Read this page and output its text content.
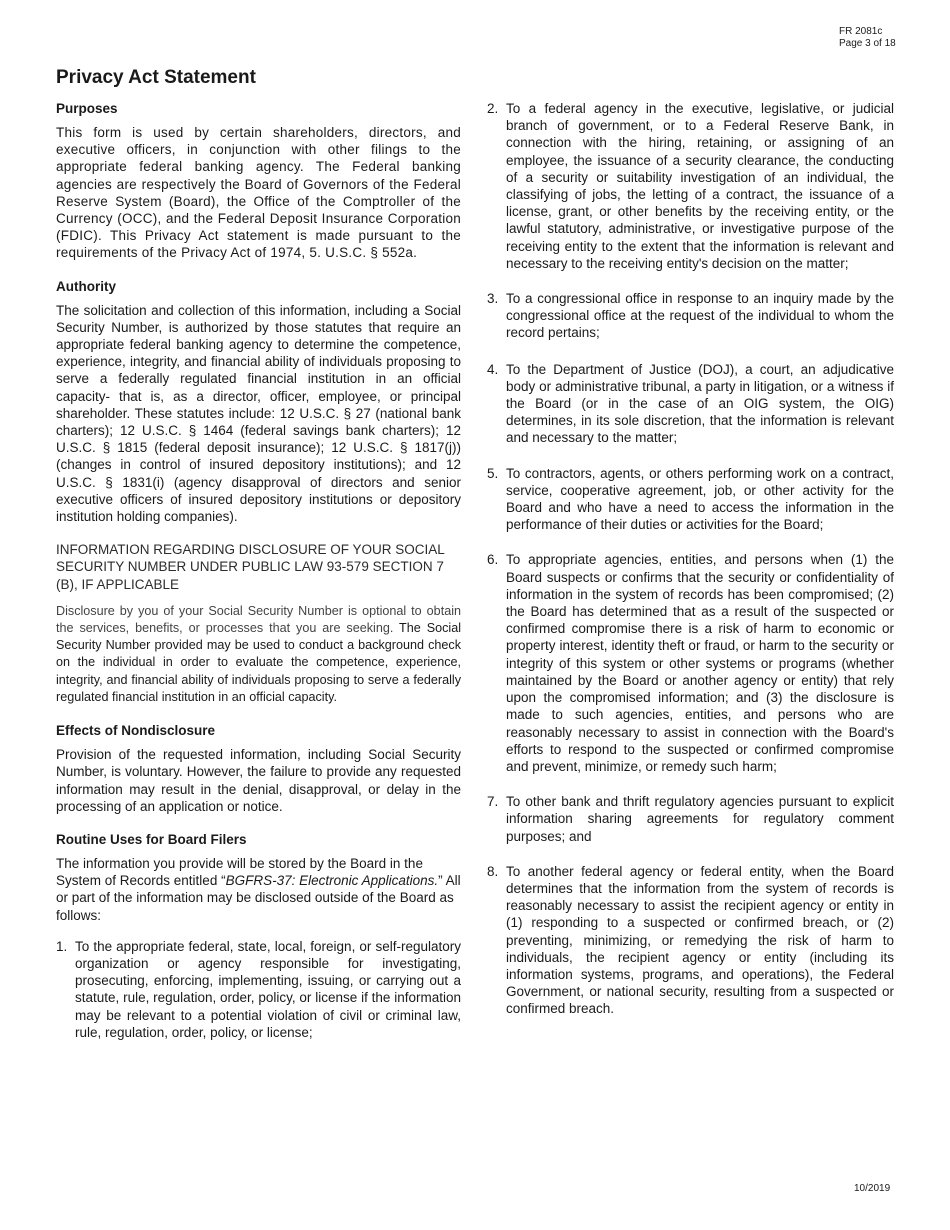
FR 2081c
Page 3 of 18
Privacy Act Statement
Purposes

This form is used by certain shareholders, directors, and executive officers, in conjunction with other filings to the appropriate federal banking agency. The Federal banking agencies are respectively the Board of Governors of the Federal Reserve System (Board), the Office of the Comptroller of the Currency (OCC), and the Federal Deposit Insurance Corporation (FDIC). This Privacy Act statement is made pursuant to the requirements of the Privacy Act of 1974, 5. U.S.C. § 552a.

Authority

The solicitation and collection of this information, including a Social Security Number, is authorized by those statutes that require an appropriate federal banking agency to determine the competence, experience, integrity, and financial ability of individuals proposing to serve a federally regulated financial institution in an official capacity- that is, as a director, officer, employee, or principal shareholder. These statutes include: 12 U.S.C. § 27 (national bank charters); 12 U.S.C. § 1464 (federal savings bank charters); 12 U.S.C. § 1815 (federal deposit insurance); 12 U.S.C. § 1817(j)) (changes in control of insured depository institutions); and 12 U.S.C. § 1831(i) (agency disapproval of directors and senior executive officers of insured depository institutions or depository institution holding companies).

INFORMATION REGARDING DISCLOSURE OF YOUR SOCIAL SECURITY NUMBER UNDER PUBLIC LAW 93-579 SECTION 7 (B), IF APPLICABLE

Disclosure by you of your Social Security Number is optional to obtain the services, benefits, or processes that you are seeking. The Social Security Number provided may be used to conduct a background check on the individual in order to evaluate the competence, experience, integrity, and financial ability of individuals proposing to serve a federally regulated financial institution in an official capacity.

Effects of Nondisclosure

Provision of the requested information, including Social Security Number, is voluntary. However, the failure to provide any requested information may result in the denial, disapproval, or delay in the processing of an application or notice.

Routine Uses for Board Filers

The information you provide will be stored by the Board in the System of Records entitled “BGFRS-37: Electronic Applications.” All or part of the information may be disclosed outside of the Board as follows:

1. To the appropriate federal, state, local, foreign, or self-regulatory organization or agency responsible for investigating, prosecuting, enforcing, implementing, issuing, or carrying out a statute, rule, regulation, order, policy, or license if the information may be relevant to a potential violation of civil or criminal law, rule, regulation, order, policy, or license;
2. To a federal agency in the executive, legislative, or judicial branch of government, or to a Federal Reserve Bank, in connection with the hiring, retaining, or assigning of an employee, the issuance of a security clearance, the conducting of a security or suitability investigation of an individual, the classifying of jobs, the letting of a contract, the issuance of a license, grant, or other benefits by the receiving entity, or the lawful statutory, administrative, or investigative purpose of the receiving entity to the extent that the information is relevant and necessary to the receiving entity's decision on the matter;
3. To a congressional office in response to an inquiry made by the congressional office at the request of the individual to whom the record pertains;
4. To the Department of Justice (DOJ), a court, an adjudicative body or administrative tribunal, a party in litigation, or a witness if the Board (or in the case of an OIG system, the OIG) determines, in its sole discretion, that the information is relevant and necessary to the matter;
5. To contractors, agents, or others performing work on a contract, service, cooperative agreement, job, or other activity for the Board and who have a need to access the information in the performance of their duties or activities for the Board;
6. To appropriate agencies, entities, and persons when (1) the Board suspects or confirms that the security or confidentiality of information in the system of records has been compromised; (2) the Board has determined that as a result of the suspected or confirmed compromise there is a risk of harm to economic or property interest, identity theft or fraud, or harm to the security or integrity of this system or other systems or programs (whether maintained by the Board or another agency or entity) that rely upon the compromised information; and (3) the disclosure is made to such agencies, entities, and persons who are reasonably necessary to assist in connection with the Board's efforts to respond to the suspected or confirmed compromise and prevent, minimize, or remedy such harm;
7. To other bank and thrift regulatory agencies pursuant to explicit information sharing agreements for regulatory comment purposes; and
8. To another federal agency or federal entity, when the Board determines that the information from the system of records is reasonably necessary to assist the recipient agency or entity in (1) responding to a suspected or confirmed breach, or (2) preventing, minimizing, or remedying the risk of harm to individuals, the recipient agency or entity (including its information systems, programs, and operations), the Federal Government, or national security, resulting from a suspected or confirmed breach.
10/2019
